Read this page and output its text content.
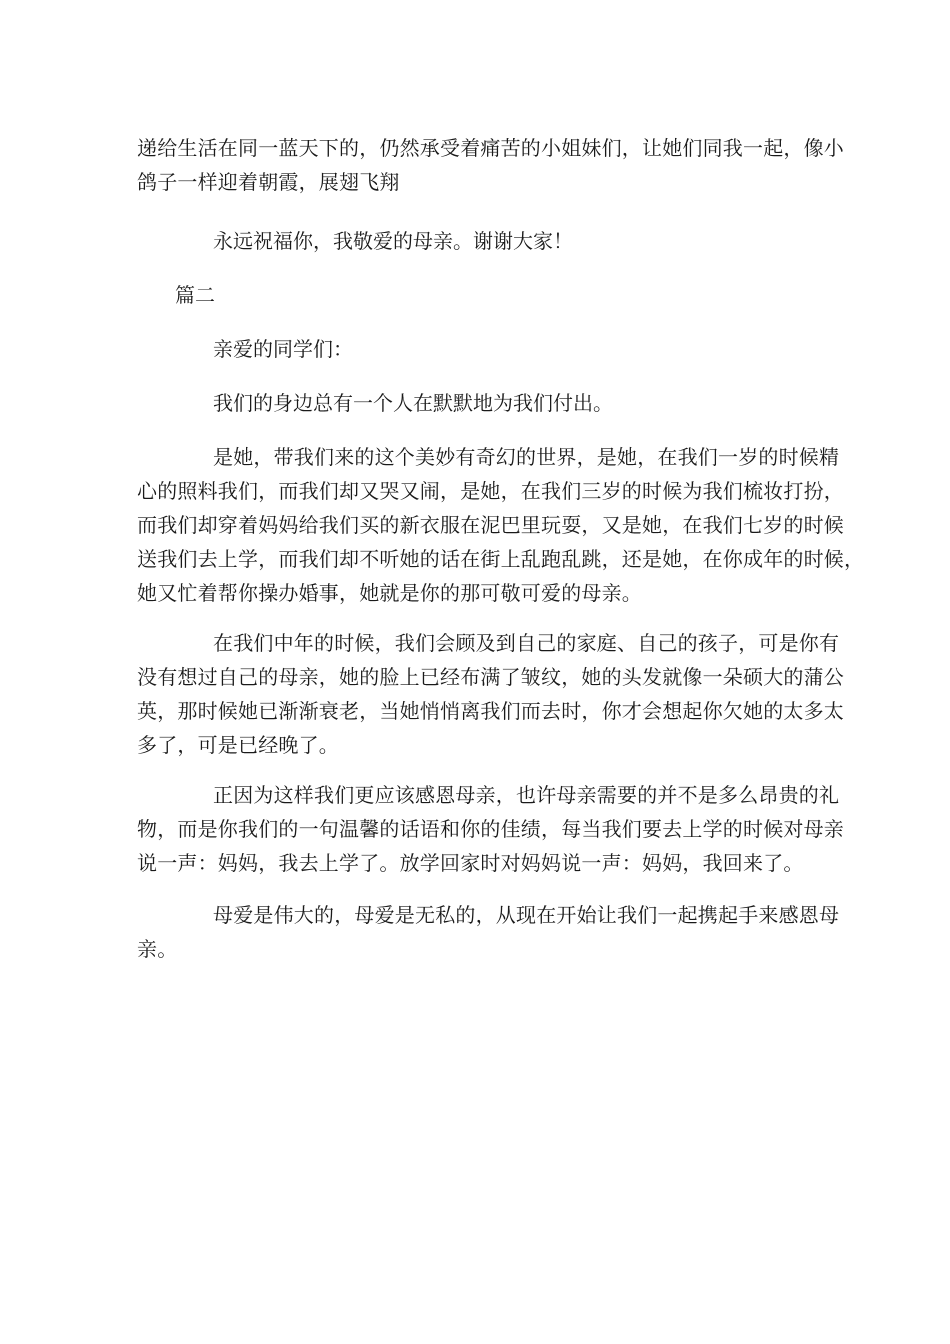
递给生活在同一蓝天下的，仍然承受着痛苦的小姐妹们，让她们同我一起，像小
鸽子一样迎着朝霞，展翅飞翔
永远祝福你，我敬爱的母亲。谢谢大家！
篇二
亲爱的同学们：
我们的身边总有一个人在默默地为我们付出。
是她，带我们来的这个美妙有奇幻的世界，是她，在我们一岁的时候精
心的照料我们，而我们却又哭又闹，是她，在我们三岁的时候为我们梳妆打扮，
而我们却穿着妈妈给我们买的新衣服在泥巴里玩耍，又是她，在我们七岁的时候
送我们去上学，而我们却不听她的话在街上乱跑乱跳，还是她，在你成年的时候，
她又忙着帮你操办婚事，她就是你的那可敬可爱的母亲。
在我们中年的时候，我们会顾及到自己的家庭、自己的孩子，可是你有
没有想过自己的母亲，她的脸上已经布满了皱纹，她的头发就像一朵硕大的蒲公
英，那时候她已渐渐衰老，当她悄悄离我们而去时，你才会想起你欠她的太多太
多了，可是已经晚了。
正因为这样我们更应该感恩母亲，也许母亲需要的并不是多么昂贵的礼
物，而是你我们的一句温馨的话语和你的佳绩，每当我们要去上学的时候对母亲
说一声：妈妈，我去上学了。放学回家时对妈妈说一声：妈妈，我回来了。
母爱是伟大的，母爱是无私的，从现在开始让我们一起携起手来感恩母
亲。
